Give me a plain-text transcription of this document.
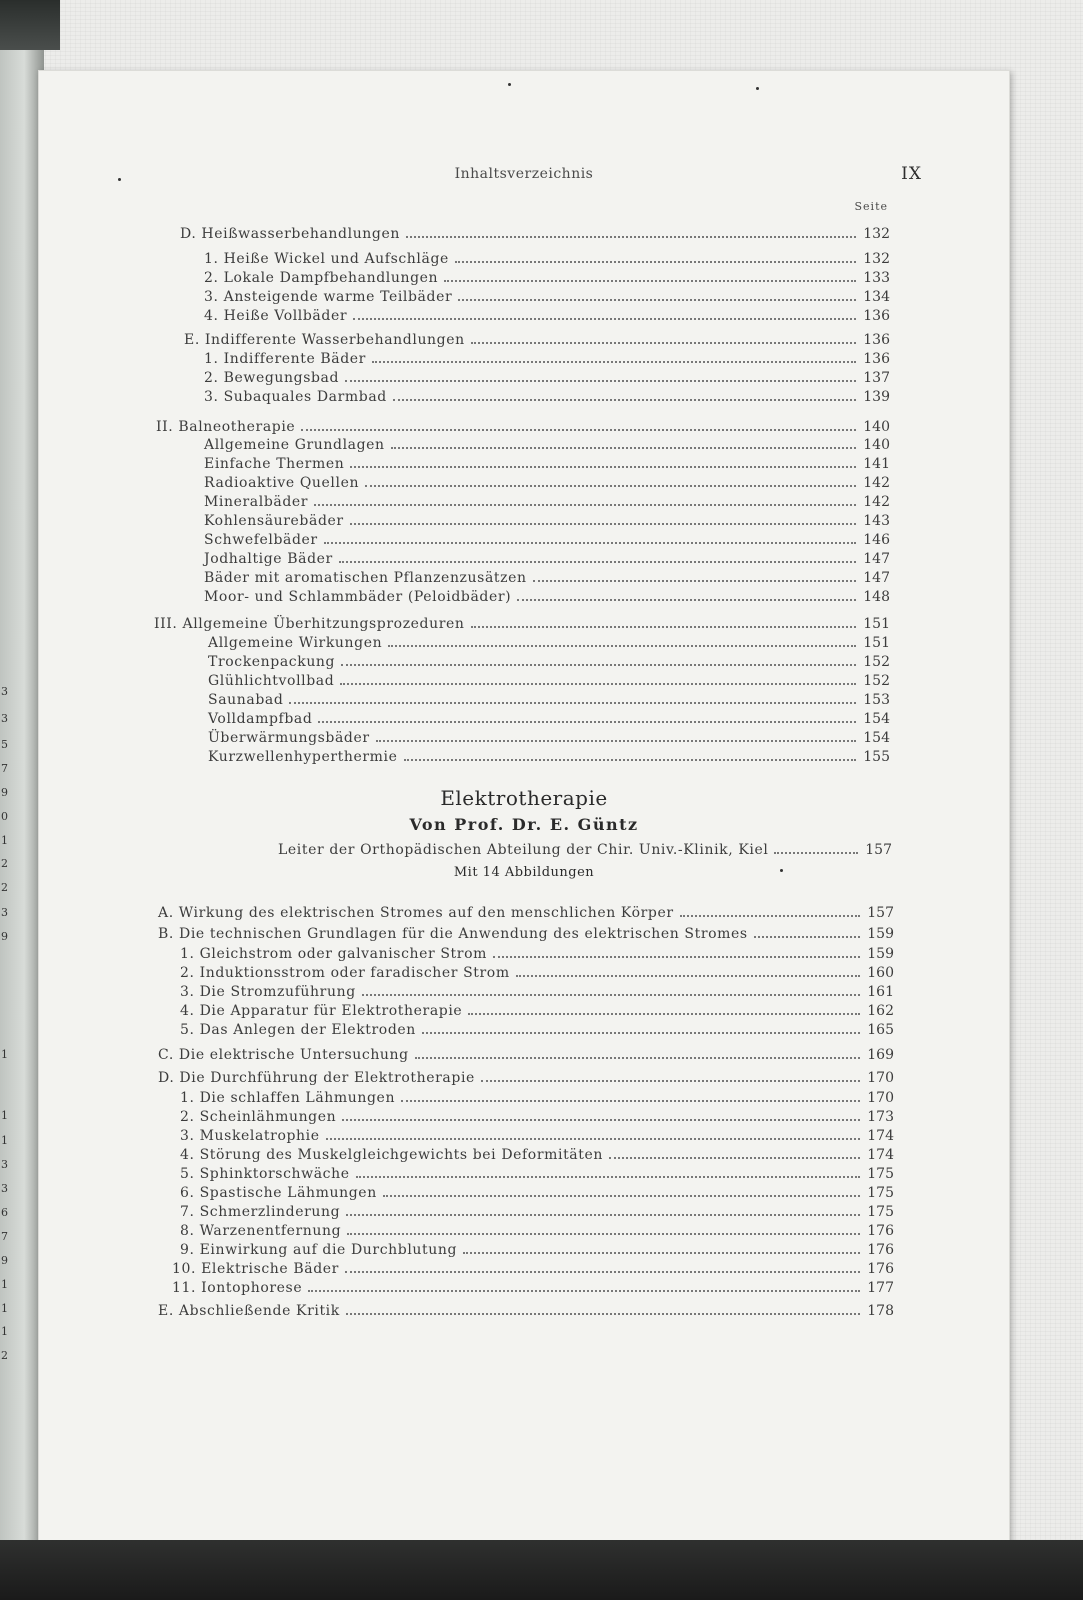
3
3
5
7
9
0
1
2
2
3
9
1
1
1
3
3
6
7
9
1
1
1
2
Inhaltsverzeichnis	IX
Seite
D. Heißwasserbehandlungen	132
1. Heiße Wickel und Aufschläge	132
2. Lokale Dampfbehandlungen	133
3. Ansteigende warme Teilbäder	134
4. Heiße Vollbäder	136
E. Indifferente Wasserbehandlungen	136
1. Indifferente Bäder	136
2. Bewegungsbad	137
3. Subaquales Darmbad	139
II. Balneotherapie	140
Allgemeine Grundlagen	140
Einfache Thermen	141
Radioaktive Quellen	142
Mineralbäder	142
Kohlensäurebäder	143
Schwefelbäder	146
Jodhaltige Bäder	147
Bäder mit aromatischen Pflanzenzusätzen	147
Moor- und Schlammbäder (Peloidbäder)	148
III. Allgemeine Überhitzungsprozeduren	151
Allgemeine Wirkungen	151
Trockenpackung	152
Glühlichtvollbad	152
Saunabad	153
Volldampfbad	154
Überwärmungsbäder	154
Kurzwellenhyperthermie	155
Elektrotherapie
Von Prof. Dr. E. Güntz
Leiter der Orthopädischen Abteilung der Chir. Univ.-Klinik, Kiel	157
Mit 14 Abbildungen
A. Wirkung des elektrischen Stromes auf den menschlichen Körper	157
B. Die technischen Grundlagen für die Anwendung des elektrischen Stromes	159
1. Gleichstrom oder galvanischer Strom	159
2. Induktionsstrom oder faradischer Strom	160
3. Die Stromzuführung	161
4. Die Apparatur für Elektrotherapie	162
5. Das Anlegen der Elektroden	165
C. Die elektrische Untersuchung	169
D. Die Durchführung der Elektrotherapie	170
1. Die schlaffen Lähmungen	170
2. Scheinlähmungen	173
3. Muskelatrophie	174
4. Störung des Muskelgleichgewichts bei Deformitäten	174
5. Sphinktorschwäche	175
6. Spastische Lähmungen	175
7. Schmerzlinderung	175
8. Warzenentfernung	176
9. Einwirkung auf die Durchblutung	176
10. Elektrische Bäder	176
11. Iontophorese	177
E. Abschließende Kritik	178
